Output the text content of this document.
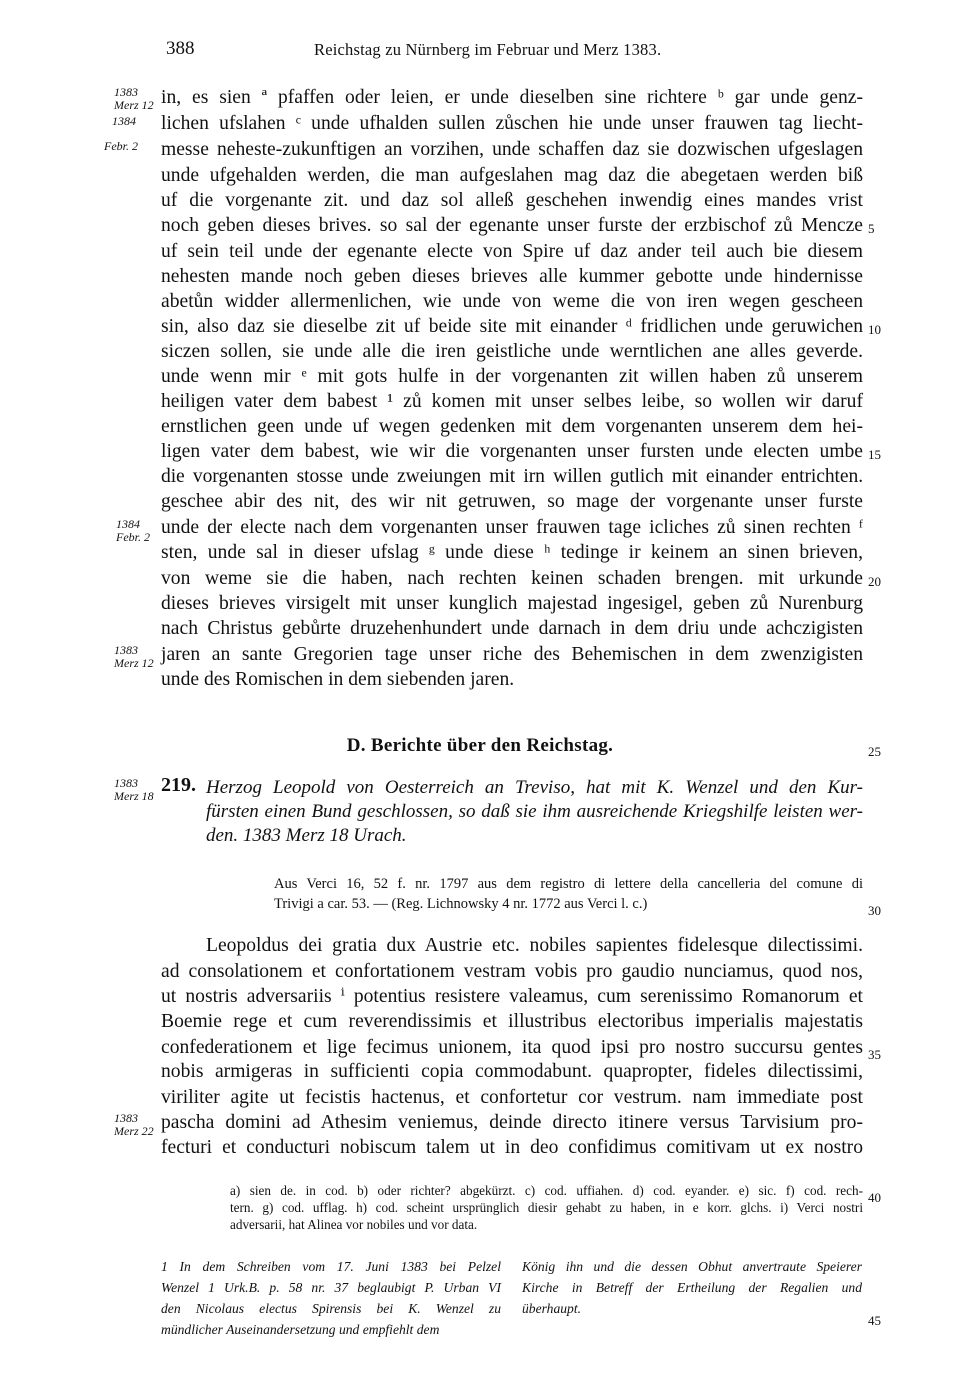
388	Reichstag zu Nürnberg im Februar und Merz 1383.
in, es sien ª pfaffen oder leien, er unde dieselben sine richtere ᵇ gar unde genz-
lichen ufslahen ᶜ unde ufhalden sullen zůschen hie unde unser frauwen tag liecht-
messe neheste-zukunftigen an vorzihen, unde schaffen daz sie dozwischen ufgeslagen
unde ufgehalden werden, die man aufgeslahen mag daz die abegetaen werden biß
uf die vorgenante zit. und daz sol alleß geschehen inwendig eines mandes vrist
noch geben dieses brives. so sal der egenante unser furste der erzbischof zů Mencze
uf sein teil unde der egenante electe von Spire uf daz ander teil auch bie diesem
nehesten mande noch geben dieses brieves alle kummer gebotte unde hindernisse
abetůn widder allermenlichen, wie unde von weme die von iren wegen gescheen
sin, also daz sie dieselbe zit uf beide site mit einander ᵈ fridlichen unde geruwichen
siczen sollen, sie unde alle die iren geistliche unde werntlichen ane alles geverde.
unde wenn mir ᵉ mit gots hulfe in der vorgenanten zit willen haben zů unserem
heiligen vater dem babest ¹ zů komen mit unser selbes leibe, so wollen wir daruf
ernstlichen geen unde uf wegen gedenken mit dem vorgenanten unserem dem hei-
ligen vater dem babest, wie wir die vorgenanten unser fursten unde electen umbe
die vorgenanten stosse unde zweiungen mit irn willen gutlich mit einander entrichten.
geschee abir des nit, des wir nit getruwen, so mage der vorgenante unser furste
unde der electe nach dem vorgenanten unser frauwen tage icliches zů sinen rechten ᶠ
sten, unde sal in dieser ufslag ᵍ unde diese ʰ tedinge ir keinem an sinen brieven,
von weme sie die haben, nach rechten keinen schaden brengen. mit urkunde
dieses brieves virsigelt mit unser kunglich majestad ingesigel, geben zů Nurenburg
nach Christus gebůrte druzehenhundert unde darnach in dem driu unde achczigisten
jaren an sante Gregorien tage unser riche des Behemischen in dem zwenzigisten
unde des Romischen in dem siebenden jaren.
1383
Merz 12
1384
Febr. 2
1384
Febr. 2
1383
Merz 12
1383
Merz 18
1383
Merz 22
5
10
15
20
25
30
35
40
45
D. Berichte über den Reichstag.
219. Herzog Leopold von Oesterreich an Treviso, hat mit K. Wenzel und den Kur-
fürsten einen Bund geschlossen, so daß sie ihm ausreichende Kriegshilfe leisten wer-
den. 1383 Merz 18 Urach.
Aus Verci 16, 52 f. nr. 1797 aus dem registro di lettere della cancelleria del comune di
Trivigi a car. 53. — (Reg. Lichnowsky 4 nr. 1772 aus Verci l. c.)
Leopoldus dei gratia dux Austrie etc. nobiles sapientes fidelesque dilectissimi.
ad consolationem et confortationem vestram vobis pro gaudio nunciamus, quod nos,
ut nostris adversariis ⁱ potentius resistere valeamus, cum serenissimo Romanorum et
Boemie rege et cum reverendissimis et illustribus electoribus imperialis majestatis
confederationem et lige fecimus unionem, ita quod ipsi pro nostro succursu gentes
nobis armigeras in sufficienti copia commodabunt. quapropter, fideles dilectissimi,
viriliter agite ut fecistis hactenus, et confortetur cor vestrum. nam immediate post
pascha domini ad Athesim veniemus, deinde directo itinere versus Tarvisium pro-
fecturi et conducturi nobiscum talem ut in deo confidimus comitivam ut ex nostro
a) sien de. in cod. b) oder richter? abgekürzt. c) cod. uffiahen. d) cod. eyander. e) sic. f) cod. rech-
tern. g) cod. ufflag. h) cod. scheint ursprünglich diesir gehabt zu haben, in e korr. glchs. i) Verci nostri
adversarii, hat Alinea vor nobiles und vor data.
1 In dem Schreiben vom 17. Juni 1383 bei Pelzel
Wenzel 1 Urk.B. p. 58 nr. 37 beglaubigt P. Urban VI
den Nicolaus electus Spirensis bei K. Wenzel zu
mündlicher Auseinandersetzung und empfiehlt dem
König ihn und die dessen Obhut anvertraute Speierer
Kirche in Betreff der Ertheilung der Regalien und
überhaupt.
